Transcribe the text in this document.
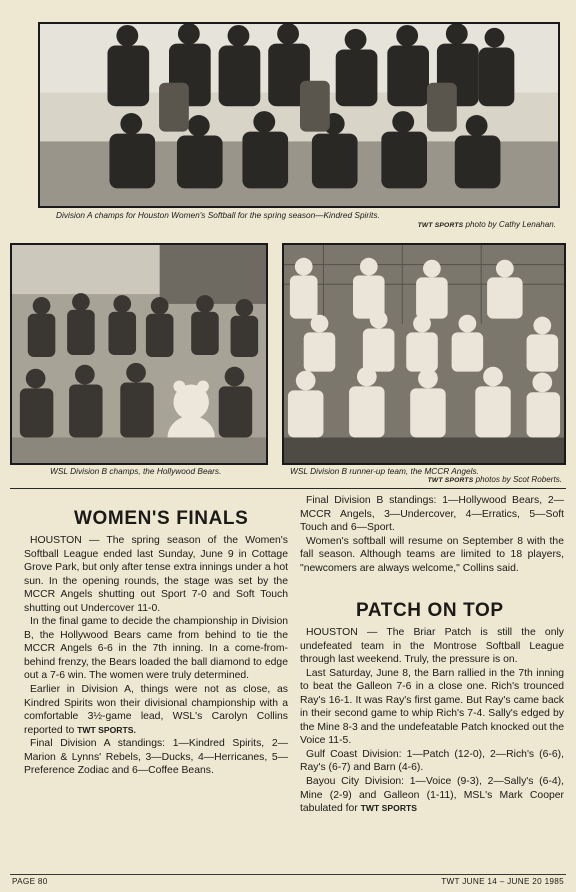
Division A champs for Houston Women's Softball for the spring season—Kindred Spirits.
TWT SPORTS photo by Cathy Lenahan.
WSL Division B champs, the Hollywood Bears.	WSL Division B runner-up team, the MCCR Angels.
TWT SPORTS photos by Scot Roberts.
WOMEN'S FINALS

HOUSTON — The spring season of the Women's Softball League ended last Sunday, June 9 in Cottage Grove Park, but only after tense extra innings under a hot sun. In the opening rounds, the stage was set by the MCCR Angels shutting out Sport 7-0 and Soft Touch shutting out Undercover 11-0.

In the final game to decide the championship in Division B, the Hollywood Bears came from behind to tie the MCCR Angels 6-6 in the 7th inning. In a come-from-behind frenzy, the Bears loaded the ball diamond to edge out a 7-6 win. The women were truly determined.

Earlier in Division A, things were not as close, as Kindred Spirits won their divisional championship with a comfortable 3½-game lead, WSL's Carolyn Collins reported to TWT SPORTS.

Final Division A standings: 1—Kindred Spirits, 2—Marion & Lynns' Rebels, 3—Ducks, 4—Herricanes, 5—Preference Zodiac and 6—Coffee Beans.

Final Division B standings: 1—Hollywood Bears, 2—MCCR Angels, 3—Undercover, 4—Erratics, 5—Soft Touch and 6—Sport.

Women's softball will resume on September 8 with the fall season. Although teams are limited to 18 players, "newcomers are always welcome," Collins said.

PATCH ON TOP

HOUSTON — The Briar Patch is still the only undefeated team in the Montrose Softball League through last weekend. Truly, the pressure is on.

Last Saturday, June 8, the Barn rallied in the 7th inning to beat the Galleon 7-6 in a close one. Rich's trounced Ray's 16-1. It was Ray's first game. But Ray's came back in their second game to whip Rich's 7-4. Sally's edged by the Mine 8-3 and the undefeatable Patch knocked out the Voice 11-5.

Gulf Coast Division: 1—Patch (12-0), 2—Rich's (6-6), Ray's (6-7) and Barn (4-6).

Bayou City Division: 1—Voice (9-3), 2—Sally's (6-4), Mine (2-9) and Galleon (1-11), MSL's Mark Cooper tabulated for TWT SPORTS

PAGE 80	TWT JUNE 14 – JUNE 20 1985
